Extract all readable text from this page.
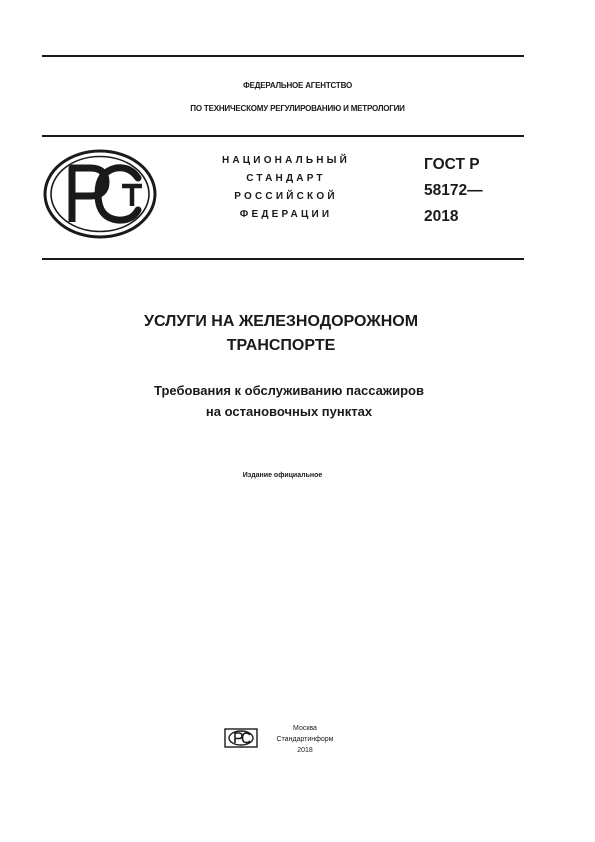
ФЕДЕРАЛЬНОЕ АГЕНТСТВО
ПО ТЕХНИЧЕСКОМУ РЕГУЛИРОВАНИЮ И МЕТРОЛОГИИ
НАЦИОНАЛЬНЫЙ
СТАНДАРТ
РОССИЙСКОЙ
ФЕДЕРАЦИИ
ГОСТ Р
58172—
2018
УСЛУГИ НА ЖЕЛЕЗНОДОРОЖНОМ
ТРАНСПОРТЕ
Требования к обслуживанию пассажиров
на остановочных пунктах
Издание официальное
Москва
Стандартинформ
2018
